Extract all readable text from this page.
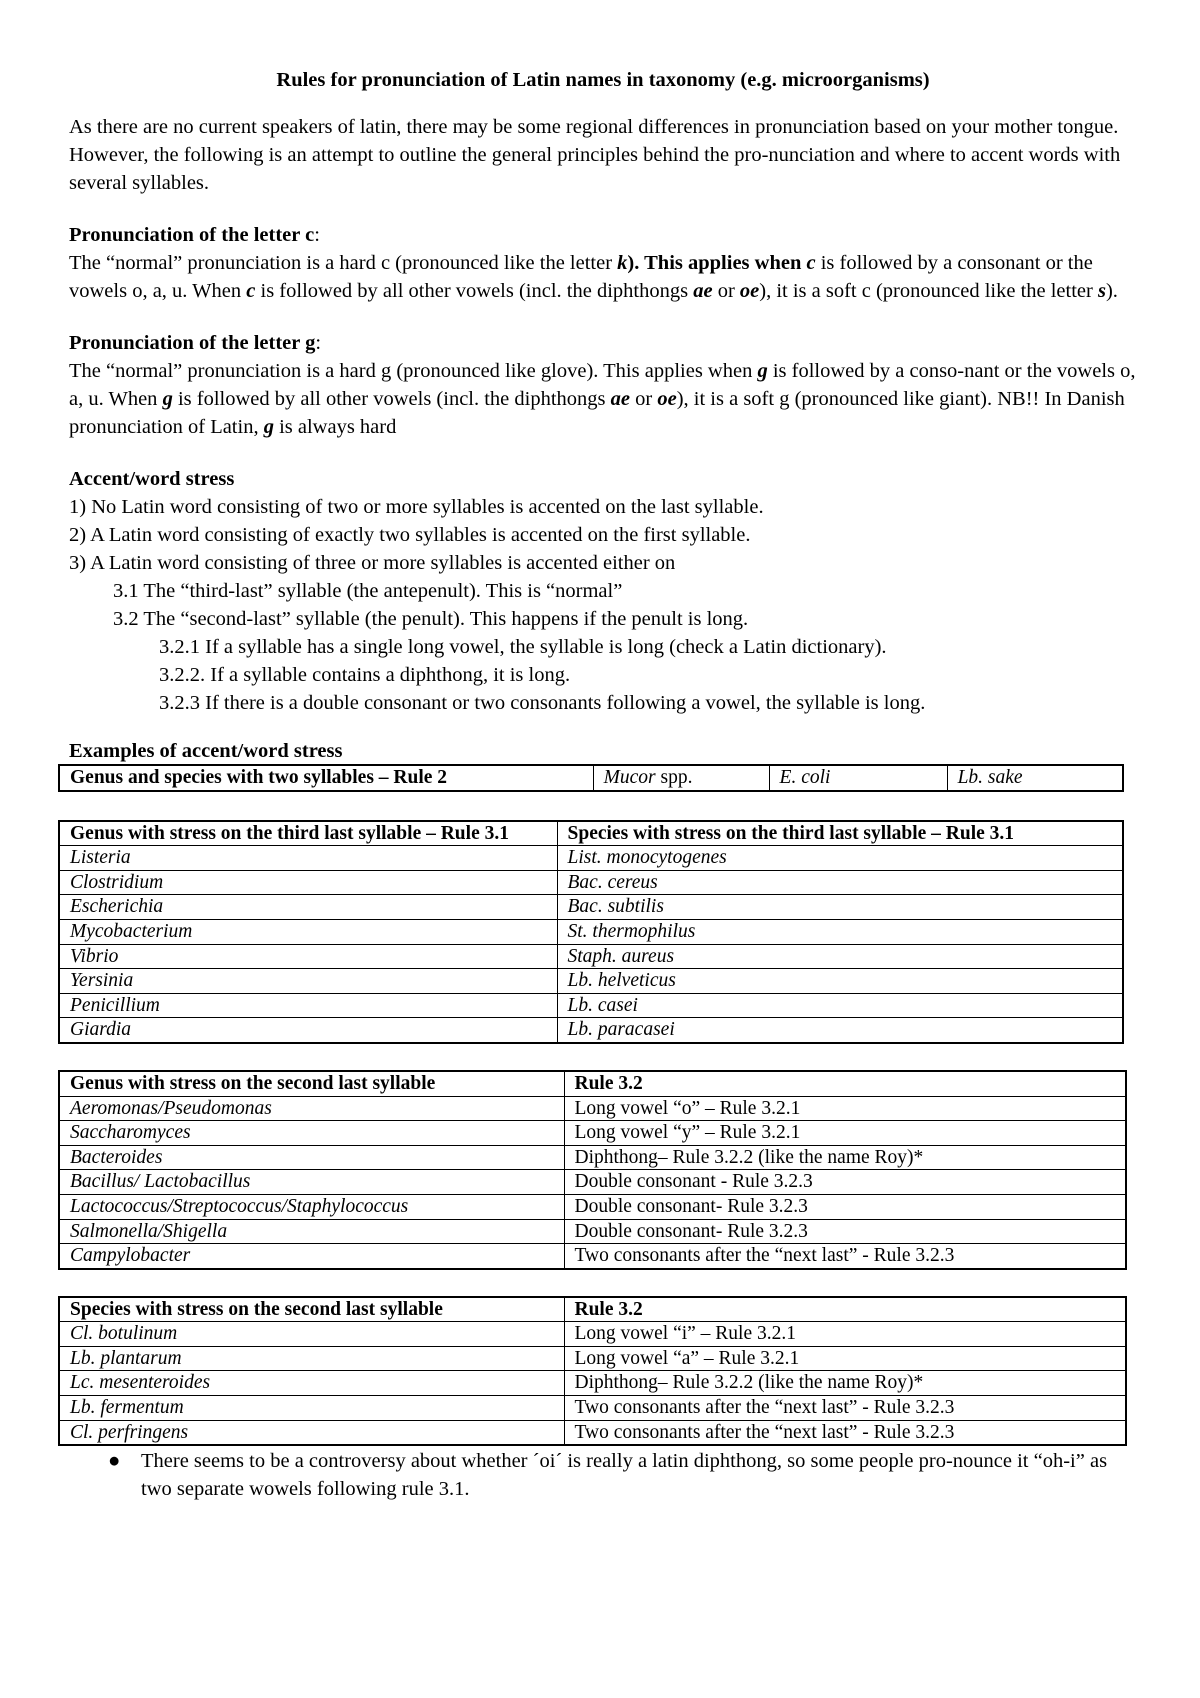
Rules for pronunciation of Latin names in taxonomy (e.g. microorganisms)

As there are no current speakers of latin, there may be some regional differences in pronunciation based on your mother tongue. However, the following is an attempt to outline the general principles behind the pro-nunciation and where to accent words with several syllables.

Pronunciation of the letter c:

The “normal” pronunciation is a hard c (pronounced like the letter k). This applies when c is followed by a consonant or the vowels o, a, u. When c is followed by all other vowels (incl. the diphthongs ae or oe), it is a soft c (pronounced like the letter s).

Pronunciation of the letter g:

The “normal” pronunciation is a hard g (pronounced like glove). This applies when g is followed by a conso-nant or the vowels o, a, u. When g is followed by all other vowels (incl. the diphthongs ae or oe), it is a soft g (pronounced like giant). NB!! In Danish pronunciation of Latin, g is always hard

Accent/word stress

1) No Latin word consisting of two or more syllables is accented on the last syllable.

2) A Latin word consisting of exactly two syllables is accented on the first syllable.

3) A Latin word consisting of three or more syllables is accented either on

3.1 The “third-last” syllable (the antepenult). This is “normal”

3.2 The “second-last” syllable (the penult). This happens if the penult is long.

3.2.1 If a syllable has a single long vowel, the syllable is long (check a Latin dictionary).

3.2.2. If a syllable contains a diphthong, it is long.

3.2.3 If there is a double consonant or two consonants following a vowel, the syllable is long.

Examples of accent/word stress

Genus and species with two syllables – Rule 2	Mucor spp.	E. coli	Lb. sake
Genus with stress on the third last syllable – Rule 3.1	Species with stress on the third last syllable – Rule 3.1
Listeria	List. monocytogenes
Clostridium	Bac. cereus
Escherichia	Bac. subtilis
Mycobacterium	St. thermophilus
Vibrio	Staph. aureus
Yersinia	Lb. helveticus
Penicillium	Lb. casei
Giardia	Lb. paracasei
Genus with stress on the second last syllable	Rule 3.2
Aeromonas/Pseudomonas	Long vowel “o” – Rule 3.2.1
Saccharomyces	Long vowel “y” – Rule 3.2.1
Bacteroides	Diphthong– Rule 3.2.2 (like the name Roy)*
Bacillus/ Lactobacillus	Double consonant - Rule 3.2.3
Lactococcus/Streptococcus/Staphylococcus	Double consonant- Rule 3.2.3
Salmonella/Shigella	Double consonant- Rule 3.2.3
Campylobacter	Two consonants after the “next last” - Rule 3.2.3
Species with stress on the second last syllable	Rule 3.2
Cl. botulinum	Long vowel “i” – Rule 3.2.1
Lb. plantarum	Long vowel “a” – Rule 3.2.1
Lc. mesenteroides	Diphthong– Rule 3.2.2 (like the name Roy)*
Lb. fermentum	Two consonants after the “next last” - Rule 3.2.3
Cl. perfringens	Two consonants after the “next last” - Rule 3.2.3
● There seems to be a controversy about whether ´oi´ is really a latin diphthong, so some people pro-nounce it “oh-i” as two separate wowels following rule 3.1.
